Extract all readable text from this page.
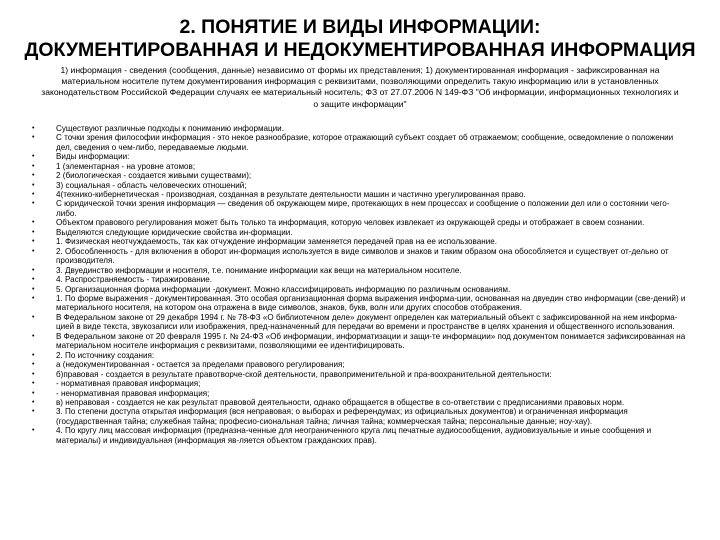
2. ПОНЯТИЕ И ВИДЫ ИНФОРМАЦИИ:
ДОКУМЕНТИРОВАННАЯ И НЕДОКУМЕНТИРОВАННАЯ ИНФОРМАЦИЯ

1) информация - сведения (сообщения, данные) независимо от формы их представления; 1) документированная информация - зафиксированная на материальном носителе путем документирования информация с реквизитами, позволяющими определить такую информацию или в установленных законодательством Российской Федерации случаях ее материальный носитель; ФЗ от 27.07.2006 N 149-ФЗ "Об информации, информационных технологиях и о защите информации"

•	Существуют различные подходы к пониманию информации.
•	С точки зрения философии информация - это некое разнообразие, которое отражающий субъект создает об отражаемом; сообщение, осведомление о положении дел, сведения о чем-либо, передаваемые людьми.
•	Виды информации:
•	1 (элементарная - на уровне атомов;
•	2 (биологическая - создается живыми существами);
•	3) социальная - область человеческих отношений;
•	4(технико-кибернетическая - производная, созданная в результате деятельности машин и частично урегулированная право.
•	С юридической точки зрения информация — сведения об окружающем мире, протекающих в нем процессах и сообщение о положении дел или о состоянии чего-либо.
•	Объектом правового регулирования может быть только та информация, которую человек извлекает из окружающей среды и отображает в своем сознании.
•	Выделяются следующие юридические свойства ин-формации.
•	1. Физическая неотчуждаемость, так как отчуждение информации заменяется передачей прав на ее использование.
•	2. Обособленность - для включения в оборот ин-формация используется в виде символов и знаков и таким образом она обособляется и существует от-дельно от производителя.
•	3. Двуединство информации и носителя, т.е. понимание информации как вещи на материальном носителе.
•	4. Распространяемость - тиражирование.
•	5. Организационная форма информации -документ. Можно классифицировать информацию по различным основаниям.
•	1. По форме выражения - документированная. Это особая организационная форма выражения информа-ции, основанная на двуедин ство информации (све-дений) и материального носителя, на котором она отражена в виде символов, знаков, букв, волн или других способов отображения.
•	В Федеральном законе от 29 декабря 1994 г. № 78-ФЗ «О библиотечном деле» документ определен как материальный объект с зафиксированной на нем информа-цией в виде текста, звукозаписи или изображения, пред-назначенный для передачи во времени и пространстве в целях хранения и общественного использования.
•	В Федеральном законе от 20 февраля 1995 г. № 24-ФЗ «Об информации, информатизации и защи-те информации» под документом понимается зафиксированная на материальном носителе информация с реквизитами, позволяющими ее идентифицировать.
•	2. По источнику создания:
•	а (недокументированная - остается за пределами правового регулирования;
•	б)правовая - создается в результате правотворче-ской деятельности, правоприменительной и пра-воохранительной деятельности:
•	- нормативная правовая информация;
•	- ненормативная правовая информация;
•	в) неправовая - создается не как результат правовой деятельности, однако обращается в обществе в со-ответствии с предписаниями правовых норм.
•	3. По степени доступа открытая информация (вся неправовая; о выборах и референдумах; из официальных документов) и ограниченная информация (государственная тайна; служебная тайна; професио-сиональная тайна; личная тайна; коммерческая тайна; персональные данные; ноу-хау).
•	4. По кругу лиц массовая информация (предназна-ченные для неограниченного круга лиц печатные аудиосообщения, аудиовизуальные и иные сообщения и материалы) и индивидуальная (информация яв-ляется объектом гражданских прав).
